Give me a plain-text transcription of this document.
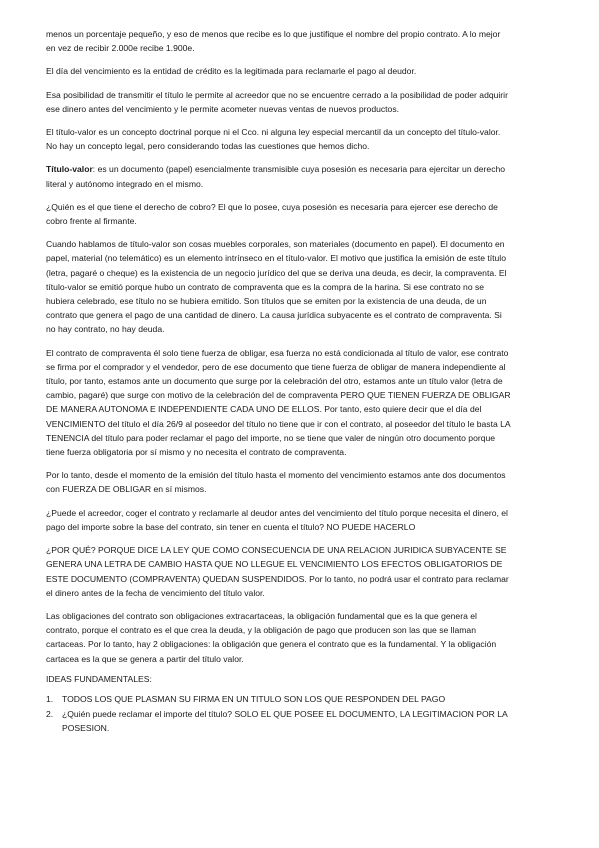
menos un porcentaje pequeño, y eso de menos que recibe es lo que justifique el nombre del propio contrato. A lo mejor en vez de recibir 2.000e recibe 1.900e.

El día del vencimiento es la entidad de crédito es la legitimada para reclamarle el pago al deudor.

Esa posibilidad de transmitir el título le permite al acreedor que no se encuentre cerrado a la posibilidad de poder adquirir ese dinero antes del vencimiento y le permite acometer nuevas ventas de nuevos productos.

El título-valor es un concepto doctrinal porque ni el Cco. ni alguna ley especial mercantil da un concepto del título-valor. No hay un concepto legal, pero considerando todas las cuestiones que hemos dicho.

Título-valor: es un documento (papel) esencialmente transmisible cuya posesión es necesaria para ejercitar un derecho literal y autónomo integrado en el mismo.

¿Quién es el que tiene el derecho de cobro? El que lo posee, cuya posesión es necesaria para ejercer ese derecho de cobro frente al firmante.

Cuando hablamos de título-valor son cosas muebles corporales, son materiales (documento en papel). El documento en papel, material (no telemático) es un elemento intrínseco en el título-valor. El motivo que justifica la emisión de este título (letra, pagaré o cheque) es la existencia de un negocio jurídico del que se deriva una deuda, es decir, la compraventa. El título-valor se emitió porque hubo un contrato de compraventa que es la compra de la harina. Si ese contrato no se hubiera celebrado, ese título no se hubiera emitido. Son títulos que se emiten por la existencia de una deuda, de un contrato que genera el pago de una cantidad de dinero. La causa jurídica subyacente es el contrato de compraventa. Si no hay contrato, no hay deuda.

El contrato de compraventa él solo tiene fuerza de obligar, esa fuerza no está condicionada al título de valor, ese contrato se firma por el comprador y el vendedor, pero de ese documento que tiene fuerza de obligar de manera independiente al título, por tanto, estamos ante un documento que surge por la celebración del otro, estamos ante un título valor (letra de cambio, pagaré) que surge con motivo de la celebración del de compraventa PERO QUE TIENEN FUERZA DE OBLIGAR DE MANERA AUTONOMA E INDEPENDIENTE CADA UNO DE ELLOS. Por tanto, esto quiere decir que el día del VENCIMIENTO del título el día 26/9 al poseedor del título no tiene que ir con el contrato, al poseedor del título le basta LA TENENCIA del título para poder reclamar el pago del importe, no se tiene que valer de ningún otro documento porque tiene fuerza obligatoria por sí mismo y no necesita el contrato de compraventa.

Por lo tanto, desde el momento de la emisión del título hasta el momento del vencimiento estamos ante dos documentos con FUERZA DE OBLIGAR en sí mismos.

¿Puede el acreedor, coger el contrato y reclamarle al deudor antes del vencimiento del título porque necesita el dinero, el pago del importe sobre la base del contrato, sin tener en cuenta el título? NO PUEDE HACERLO

¿POR QUÉ? PORQUE DICE LA LEY QUE COMO CONSECUENCIA DE UNA RELACION JURIDICA SUBYACENTE SE GENERA UNA LETRA DE CAMBIO HASTA QUE NO LLEGUE EL VENCIMIENTO LOS EFECTOS OBLIGATORIOS DE ESTE DOCUMENTO (COMPRAVENTA) QUEDAN SUSPENDIDOS. Por lo tanto, no podrá usar el contrato para reclamar el dinero antes de la fecha de vencimiento del título valor.

Las obligaciones del contrato son obligaciones extracartaceas, la obligación fundamental que es la que genera el contrato, porque el contrato es el que crea la deuda, y la obligación de pago que producen son las que se llaman cartaceas. Por lo tanto, hay 2 obligaciones: la obligación que genera el contrato que es la fundamental. Y la obligación cartacea es la que se genera a partir del título valor.

IDEAS FUNDAMENTALES:

1.	TODOS LOS QUE PLASMAN SU FIRMA EN UN TITULO SON LOS QUE RESPONDEN DEL PAGO
2.	¿Quién puede reclamar el importe del título? SOLO EL QUE POSEE EL DOCUMENTO, LA LEGITIMACION POR LA POSESION.
